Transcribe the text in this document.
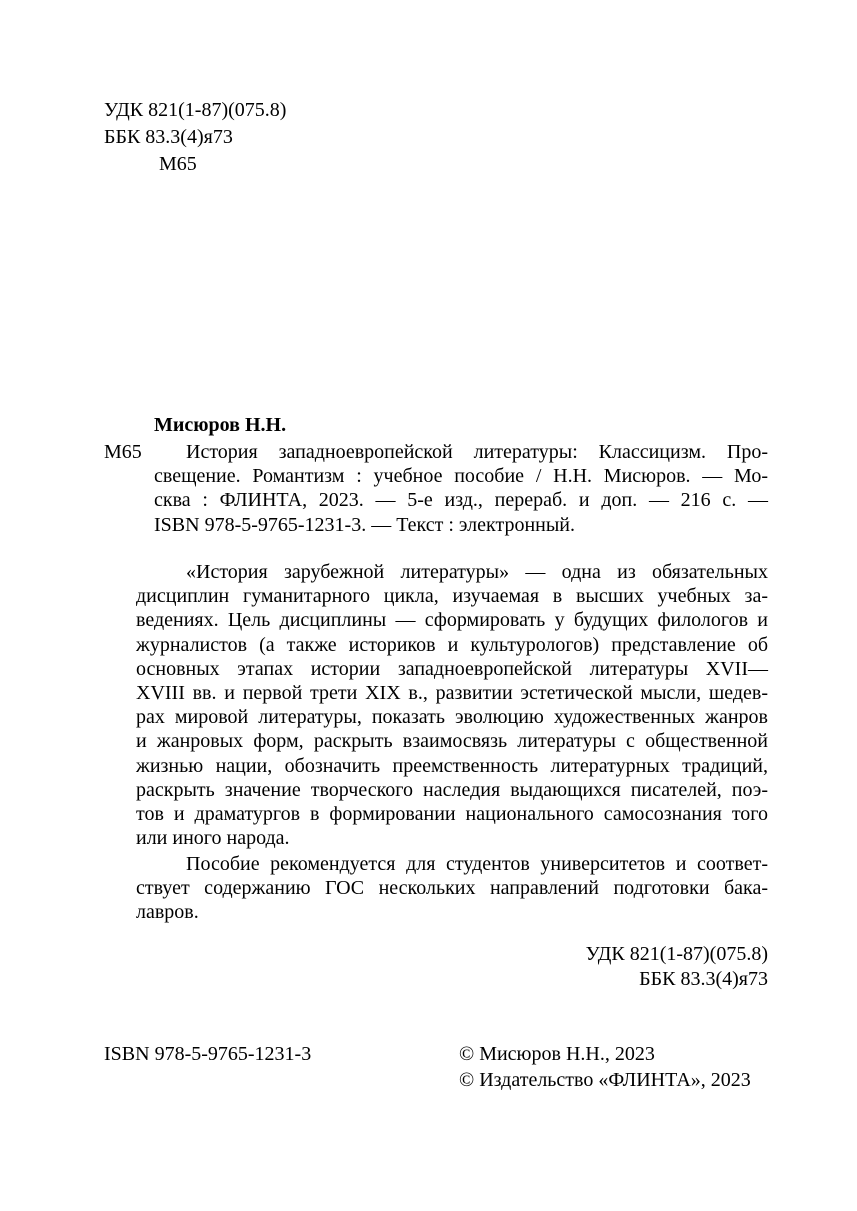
УДК 821(1-87)(075.8)
ББК 83.3(4)я73
М65
Мисюров Н.Н.
М65	История западноевропейской литературы: Классицизм. Про-
свещение. Романтизм : учебное пособие / Н.Н. Мисюров. — Мо-
сква : ФЛИНТА, 2023. — 5-е изд., перераб. и доп. — 216 с. —
ISBN 978-5-9765-1231-3. — Текст : электронный.
«История зарубежной литературы» — одна из обязательных
дисциплин гуманитарного цикла, изучаемая в высших учебных за-
ведениях. Цель дисциплины — сформировать у будущих филологов и
журналистов (а также историков и культурологов) представление об
основных этапах истории западноевропейской литературы XVII—
XVIII вв. и первой трети XIX в., развитии эстетической мысли, шедев-
рах мировой литературы, показать эволюцию художественных жанров
и жанровых форм, раскрыть взаимосвязь литературы с общественной
жизнью нации, обозначить преемственность литературных традиций,
раскрыть значение творческого наследия выдающихся писателей, поэ-
тов и драматургов в формировании национального самосознания того
или иного народа.
Пособие рекомендуется для студентов университетов и соответ-
ствует содержанию ГОС нескольких направлений подготовки бака-
лавров.
УДК 821(1-87)(075.8)
ББК 83.3(4)я73
ISBN 978-5-9765-1231-3	© Мисюров Н.Н., 2023
© Издательство «ФЛИНТА», 2023
